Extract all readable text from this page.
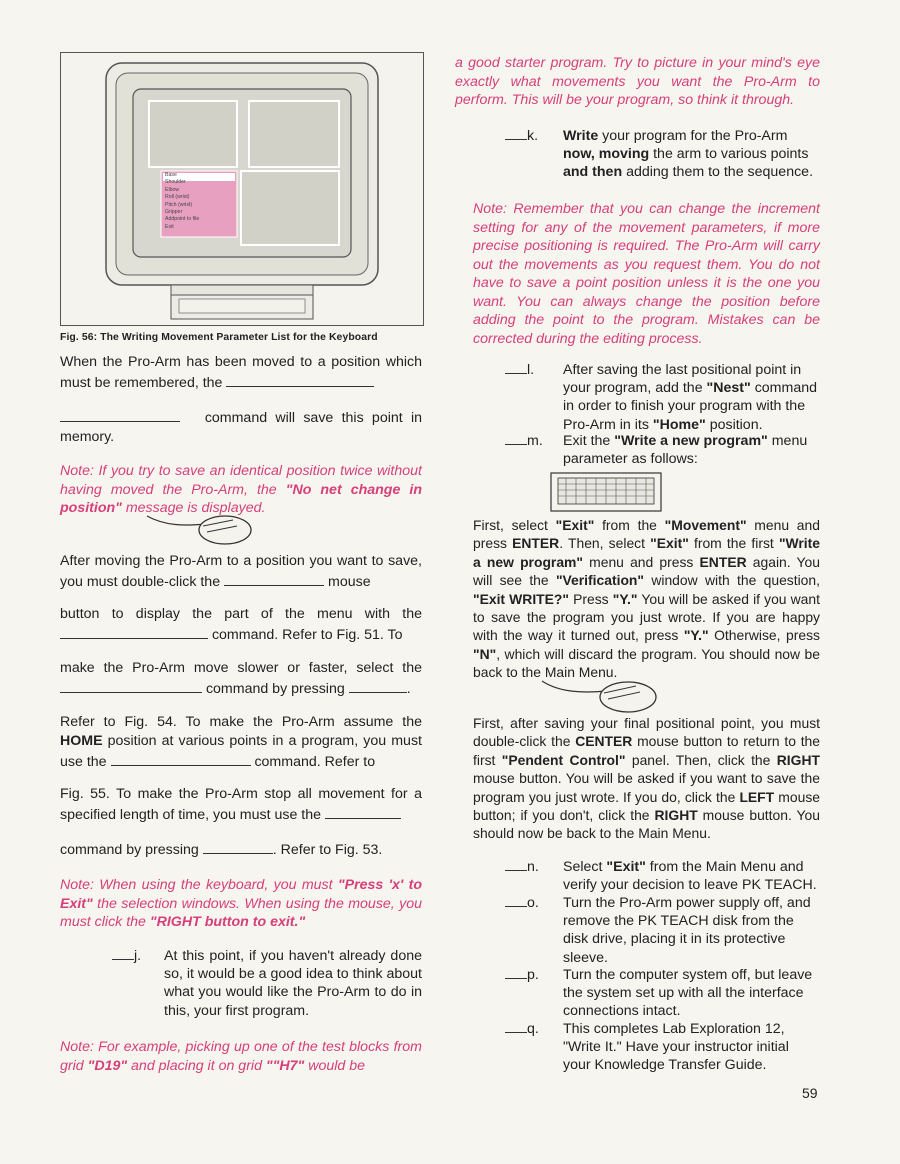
Base
Shoulder
Elbow
Roll (wrist)
Pitch (wrist)
Gripper
Addpoint to file
Exit
Fig. 56: The Writing Movement Parameter List for the Keyboard

When the Pro-Arm has been moved to a position which must be remembered, the

command will save this point in memory.

Note: If you try to save an identical position twice without having moved the Pro-Arm, the "No net change in position" message is displayed.

After moving the Pro-Arm to a position you want to save, you must double-click the	mouse

button to display the part of the menu with the  command. Refer to Fig. 51. To

make the Pro-Arm move slower or faster, select the  command by pressing	.

Refer to Fig. 54. To make the Pro-Arm assume the HOME position at various points in a program, you must use the	command. Refer to

Fig. 55. To make the Pro-Arm stop all movement for a specified length of time, you must use the

command by pressing	. Refer to Fig. 53.

Note: When using the keyboard, you must "Press 'x' to Exit" the selection windows. When using the mouse, you must click the "RIGHT button to exit."

j. At this point, if you haven't already done so, it would be a good idea to think about what you would like the Pro-Arm to do in this, your first program.

Note: For example, picking up one of the test blocks from grid "D19" and placing it on grid ""H7" would be

a good starter program. Try to picture in your mind's eye exactly what movements you want the Pro-Arm to perform. This will be your program, so think it through.

k. Write your program for the Pro-Arm now, moving the arm to various points and then adding them to the sequence.

Note: Remember that you can change the increment setting for any of the movement parameters, if more precise positioning is required. The Pro-Arm will carry out the movements as you request them. You do not have to save a point position unless it is the one you want. You can always change the position before adding the point to the program. Mistakes can be corrected during the editing process.

l. After saving the last positional point in your program, add the "Nest" command in order to finish your program with the Pro-Arm in its "Home" position.
m. Exit the "Write a new program" menu parameter as follows:

First, select "Exit" from the "Movement" menu and press ENTER. Then, select "Exit" from the first "Write a new program" menu and press ENTER again. You will see the "Verification" window with the question, "Exit WRITE?" Press "Y." You will be asked if you want to save the program you just wrote. If you are happy with the way it turned out, press "Y." Otherwise, press "N", which will discard the program. You should now be back to the Main Menu.

First, after saving your final positional point, you must double-click the CENTER mouse button to return to the first "Pendent Control" panel. Then, click the RIGHT mouse button. You will be asked if you want to save the program you just wrote. If you do, click the LEFT mouse button; if you don't, click the RIGHT mouse button. You should now be back to the Main Menu.

n. Select "Exit" from the Main Menu and verify your decision to leave PK TEACH.
o. Turn the Pro-Arm power supply off, and remove the PK TEACH disk from the disk drive, placing it in its protective sleeve.
p. Turn the computer system off, but leave the system set up with all the interface connections intact.
q. This completes Lab Exploration 12, "Write It." Have your instructor initial your Knowledge Transfer Guide.
59
